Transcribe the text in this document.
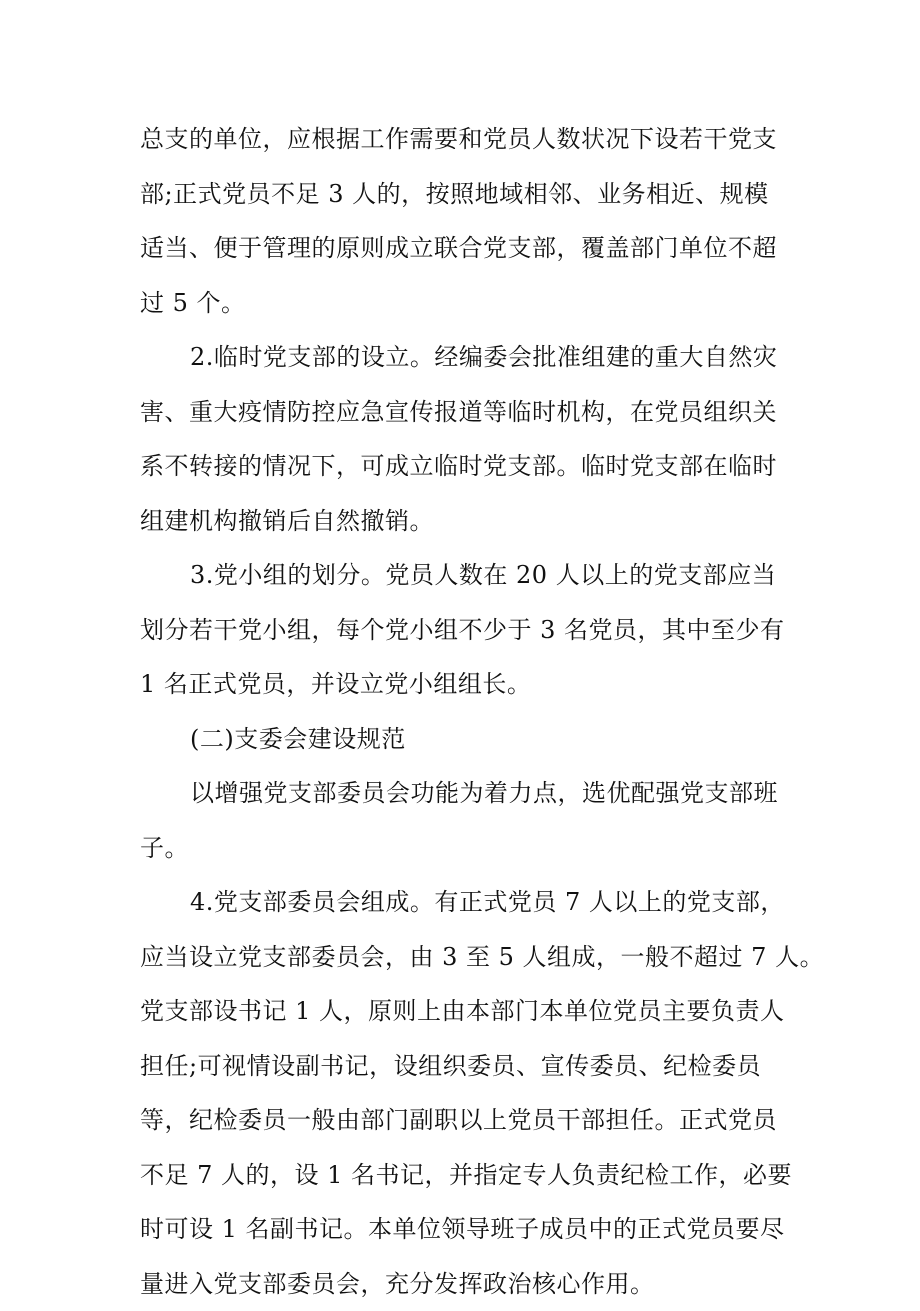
总支的单位，应根据工作需要和党员人数状况下设若干党支
部;正式党员不足 3 人的，按照地域相邻、业务相近、规模
适当、便于管理的原则成立联合党支部，覆盖部门单位不超
过 5 个。
2.临时党支部的设立。经编委会批准组建的重大自然灾
害、重大疫情防控应急宣传报道等临时机构，在党员组织关
系不转接的情况下，可成立临时党支部。临时党支部在临时
组建机构撤销后自然撤销。
3.党小组的划分。党员人数在 20 人以上的党支部应当
划分若干党小组，每个党小组不少于 3 名党员，其中至少有
1 名正式党员，并设立党小组组长。
(二)支委会建设规范
以增强党支部委员会功能为着力点，选优配强党支部班
子。
4.党支部委员会组成。有正式党员 7 人以上的党支部，
应当设立党支部委员会，由 3 至 5 人组成，一般不超过 7 人。
党支部设书记 1 人，原则上由本部门本单位党员主要负责人
担任;可视情设副书记，设组织委员、宣传委员、纪检委员
等，纪检委员一般由部门副职以上党员干部担任。正式党员
不足 7 人的，设 1 名书记，并指定专人负责纪检工作，必要
时可设 1 名副书记。本单位领导班子成员中的正式党员要尽
量进入党支部委员会，充分发挥政治核心作用。
